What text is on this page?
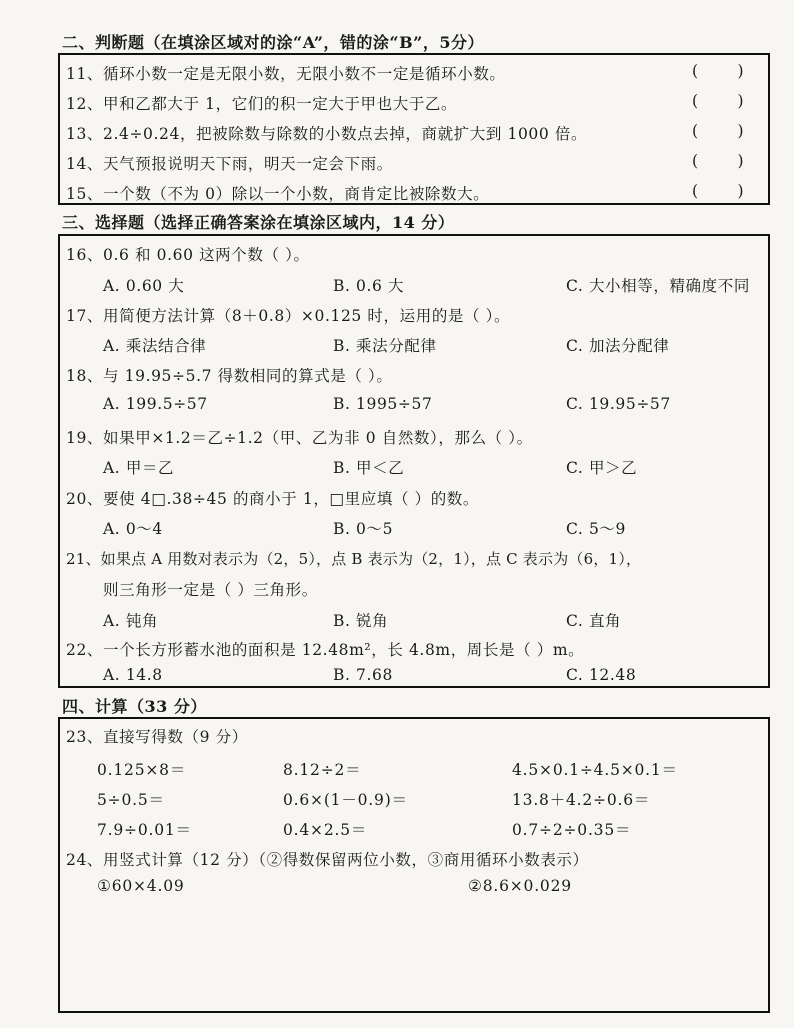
二、判断题（在填涂区域对的涂“A”，错的涂“B”，5分）
11、循环小数一定是无限小数，无限小数不一定是循环小数。	(        )
12、甲和乙都大于 1，它们的积一定大于甲也大于乙。	(        )
13、2.4÷0.24，把被除数与除数的小数点去掉，商就扩大到 1000 倍。	(        )
14、天气预报说明天下雨，明天一定会下雨。	(        )
15、一个数（不为 0）除以一个小数，商肯定比被除数大。	(        )
三、选择题（选择正确答案涂在填涂区域内，14 分）
16、0.6 和 0.60 这两个数（ ）。
A. 0.60 大	B. 0.6 大	C. 大小相等，精确度不同
17、用简便方法计算（8＋0.8）×0.125 时，运用的是（ ）。
A. 乘法结合律	B. 乘法分配律	C. 加法分配律
18、与 19.95÷5.7 得数相同的算式是（ ）。
A. 199.5÷57	B. 1995÷57	C. 19.95÷57
19、如果甲×1.2＝乙÷1.2（甲、乙为非 0 自然数），那么（ ）。
A. 甲＝乙	B. 甲＜乙	C. 甲＞乙
20、要使 4□.38÷45 的商小于 1，□里应填（ ）的数。
A. 0～4	B. 0～5	C. 5～9
21、如果点 A 用数对表示为（2，5），点 B 表示为（2，1），点 C 表示为（6，1），
则三角形一定是（ ）三角形。
A. 钝角	B. 锐角	C. 直角
22、一个长方形蓄水池的面积是 12.48m²，长 4.8m，周长是（ ）m。
A. 14.8	B. 7.68	C. 12.48
四、计算（33 分）
23、直接写得数（9 分）
0.125×8＝	8.12÷2＝	4.5×0.1÷4.5×0.1＝
5÷0.5＝	0.6×(1－0.9)＝	13.8＋4.2÷0.6＝
7.9÷0.01＝	0.4×2.5＝	0.7÷2÷0.35＝
24、用竖式计算（12 分）（②得数保留两位小数，③商用循环小数表示）
①60×4.09	②8.6×0.029
